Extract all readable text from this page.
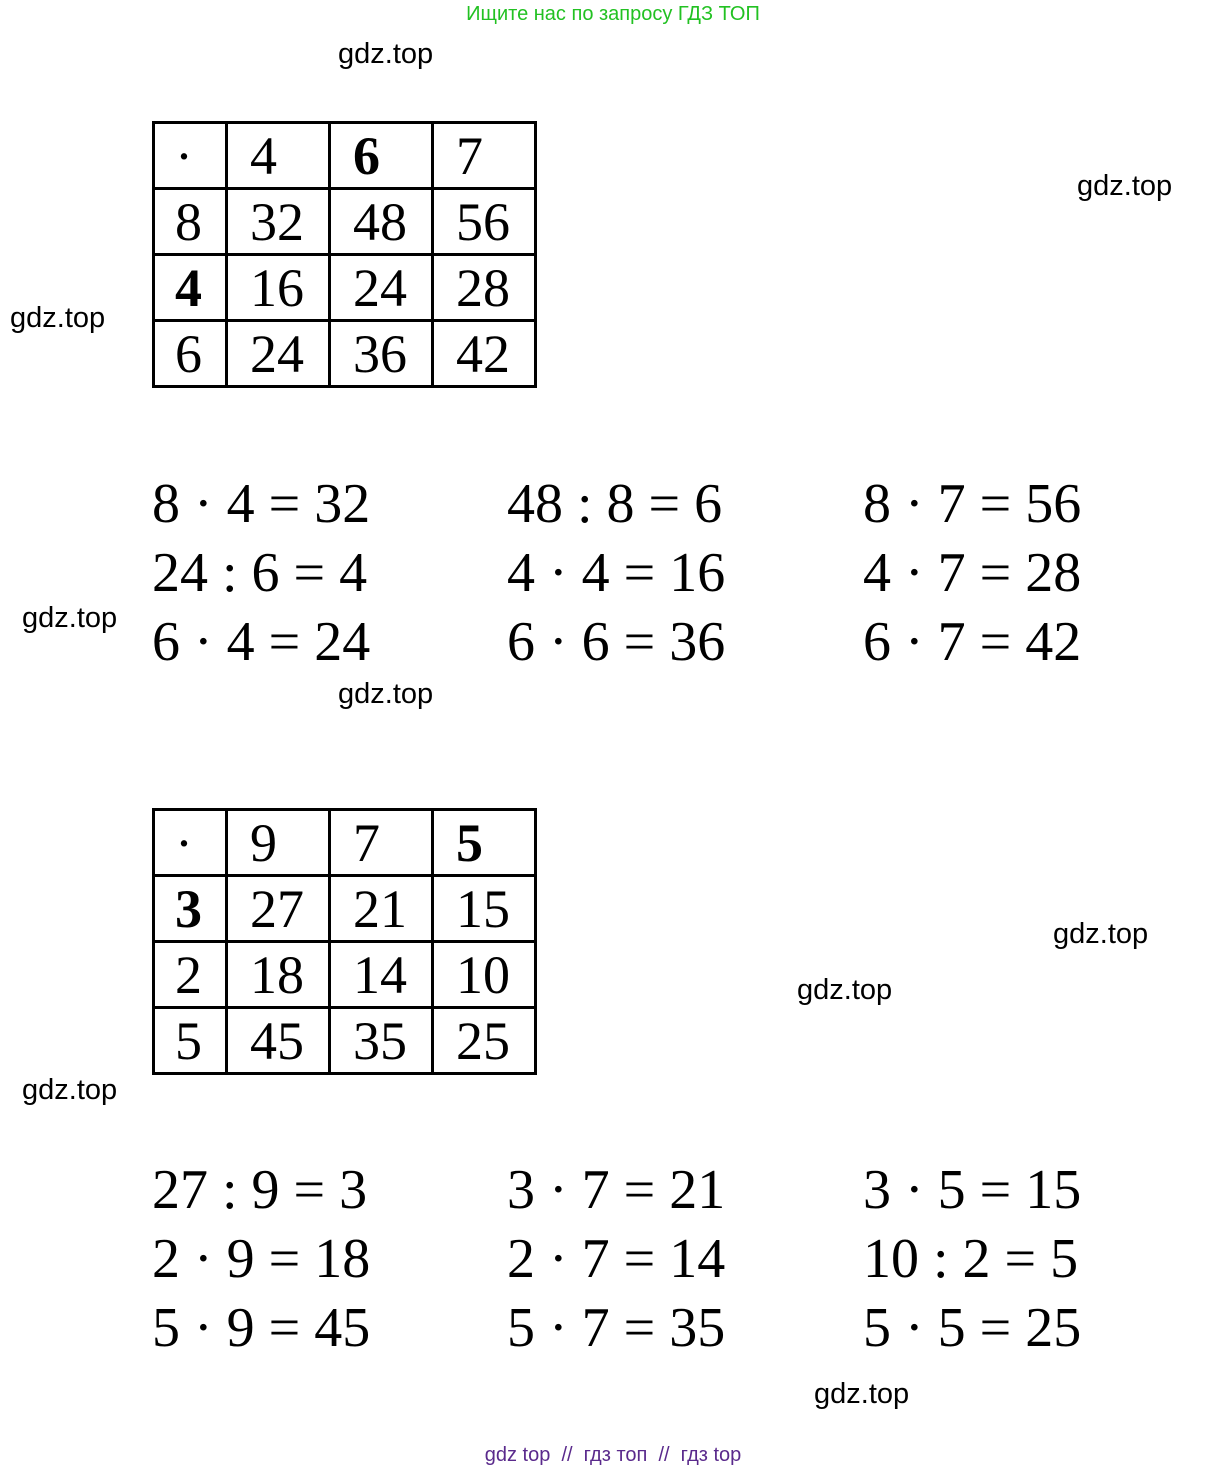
Ищите нас по запросу ГДЗ ТОП
gdz.top
gdz.top
gdz.top
gdz.top
gdz.top
gdz.top
gdz.top
gdz.top
gdz.top
·	4	6	7
8	32	48	56
4	16	24	28
6	24	36	42
8 · 4 = 32
24 : 6 = 4
6 · 4 = 24
48 : 8 = 6
4 · 4 = 16
6 · 6 = 36
8 · 7 = 56
4 · 7 = 28
6 · 7 = 42
·	9	7	5
3	27	21	15
2	18	14	10
5	45	35	25
27 : 9 = 3
2 · 9 = 18
5 · 9 = 45
3 · 7 = 21
2 · 7 = 14
5 · 7 = 35
3 · 5 = 15
10 : 2 = 5
5 · 5 = 25
gdz top  //  гдз топ  //  гдз top
